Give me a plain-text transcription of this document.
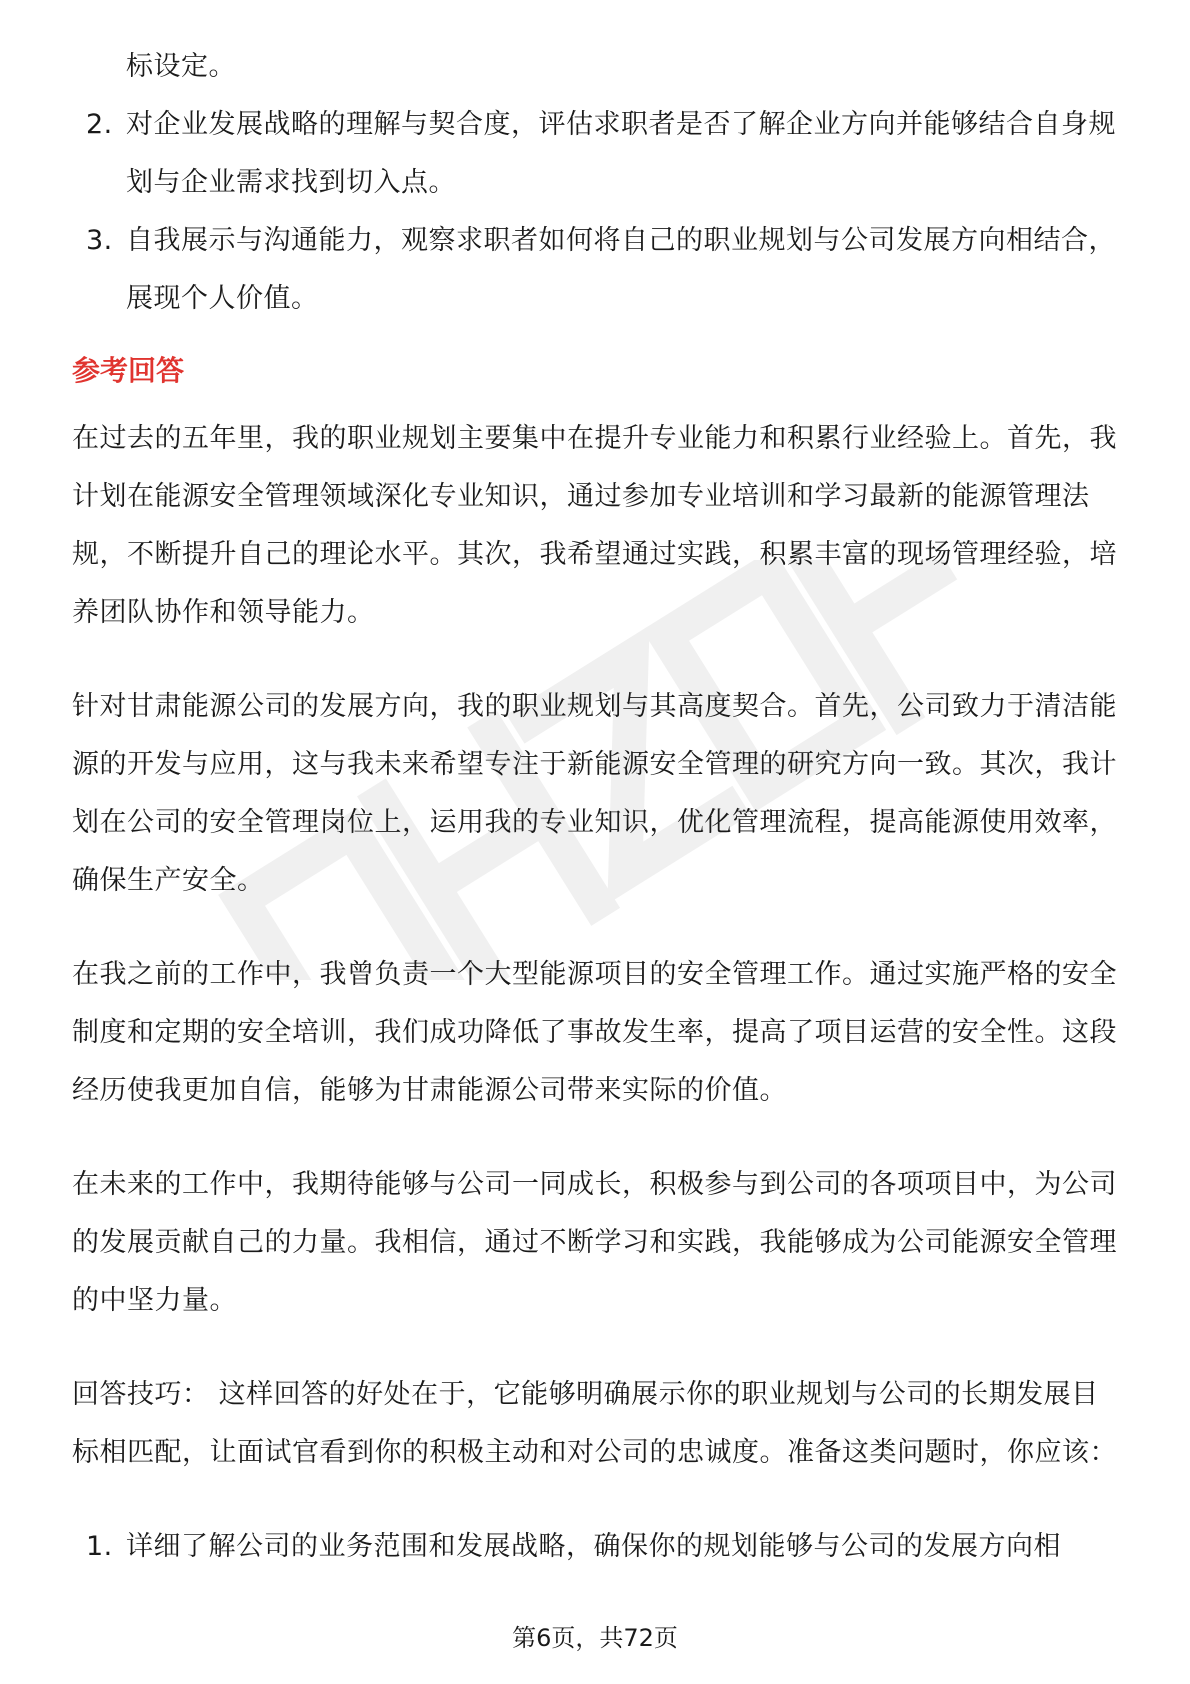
标设定。
2. 对企业发展战略的理解与契合度，评估求职者是否了解企业方向并能够结合自身规划与企业需求找到切入点。
3. 自我展示与沟通能力，观察求职者如何将自己的职业规划与公司发展方向相结合，展现个人价值。
参考回答

在过去的五年里，我的职业规划主要集中在提升专业能力和积累行业经验上。首先，我计划在能源安全管理领域深化专业知识，通过参加专业培训和学习最新的能源管理法规，不断提升自己的理论水平。其次，我希望通过实践，积累丰富的现场管理经验，培养团队协作和领导能力。

针对甘肃能源公司的发展方向，我的职业规划与其高度契合。首先，公司致力于清洁能源的开发与应用，这与我未来希望专注于新能源安全管理的研究方向一致。其次，我计划在公司的安全管理岗位上，运用我的专业知识，优化管理流程，提高能源使用效率，确保生产安全。

在我之前的工作中，我曾负责一个大型能源项目的安全管理工作。通过实施严格的安全制度和定期的安全培训，我们成功降低了事故发生率，提高了项目运营的安全性。这段经历使我更加自信，能够为甘肃能源公司带来实际的价值。

在未来的工作中，我期待能够与公司一同成长，积极参与到公司的各项项目中，为公司的发展贡献自己的力量。我相信，通过不断学习和实践，我能够成为公司能源安全管理的中坚力量。

回答技巧： 这样回答的好处在于，它能够明确展示你的职业规划与公司的长期发展目标相匹配，让面试官看到你的积极主动和对公司的忠诚度。准备这类问题时，你应该：

1. 详细了解公司的业务范围和发展战略，确保你的规划能够与公司的发展方向相
第6页，共72页
